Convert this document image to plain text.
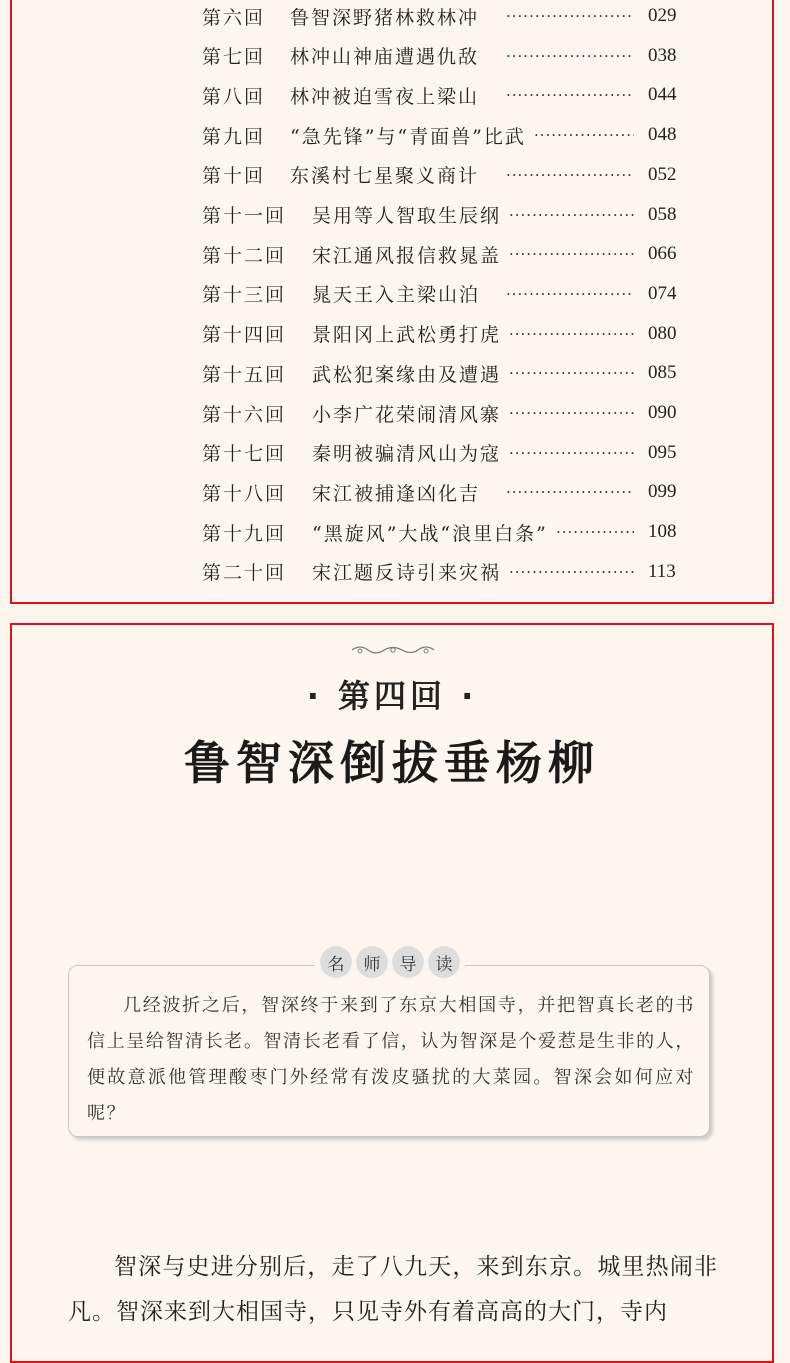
第六回	鲁智深野猪林救林冲 ·····	029
第七回	林冲山神庙遭遇仇敌 ·····	038
第八回	林冲被迫雪夜上梁山 ·····	044
第九回	“急先锋”与“青面兽”比武 ·····	048
第十回	东溪村七星聚义商计 ·····	052
第十一回	吴用等人智取生辰纲 ·····	058
第十二回	宋江通风报信救晁盖 ·····	066
第十三回	晁天王入主梁山泊 ·····	074
第十四回	景阳冈上武松勇打虎 ·····	080
第十五回	武松犯案缘由及遭遇 ·····	085
第十六回	小李广花荣闹清风寨 ·····	090
第十七回	秦明被骗清风山为寇 ·····	095
第十八回	宋江被捕逢凶化吉 ·····	099
第十九回	“黑旋风”大战“浪里白条” ·····	108
第二十回	宋江题反诗引来灾祸 ·····	113
· 第四回 ·
鲁智深倒拔垂杨柳
名	师	导	读
几经波折之后，智深终于来到了东京大相国寺，并把智真长老的书信上呈给智清长老。智清长老看了信，认为智深是个爱惹是生非的人，便故意派他管理酸枣门外经常有泼皮骚扰的大菜园。智深会如何应对呢？
智深与史进分别后，走了八九天，来到东京。城里热闹非凡。智深来到大相国寺，只见寺外有着高高的大门，寺内
